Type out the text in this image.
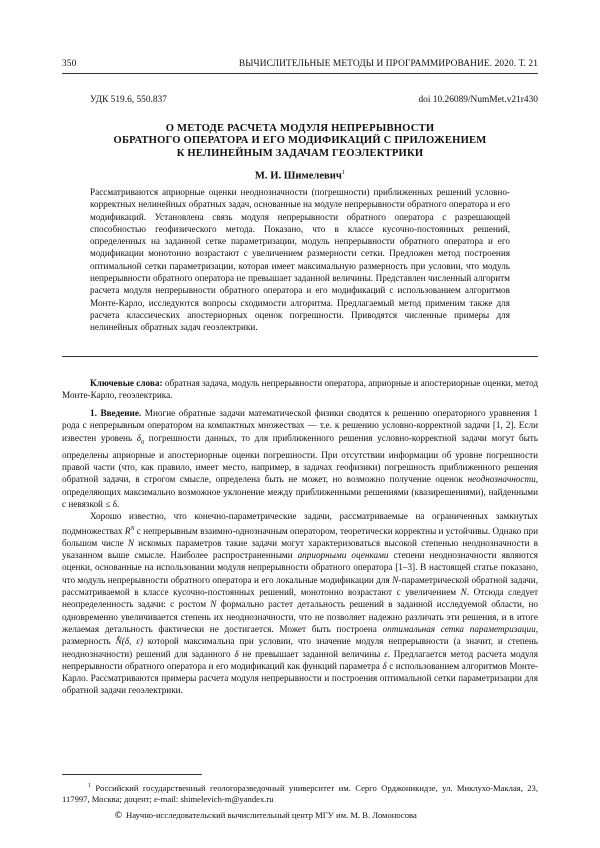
350	ВЫЧИСЛИТЕЛЬНЫЕ МЕТОДЫ И ПРОГРАММИРОВАНИЕ. 2020. Т. 21
УДК 519.6, 550.837	doi 10.26089/NumMet.v21r430
О МЕТОДЕ РАСЧЕТА МОДУЛЯ НЕПРЕРЫВНОСТИ
ОБРАТНОГО ОПЕРАТОРА И ЕГО МОДИФИКАЦИЙ С ПРИЛОЖЕНИЕМ
К НЕЛИНЕЙНЫМ ЗАДАЧАМ ГЕОЭЛЕКТРИКИ
М. И. Шимелевич$^1$
Рассматриваются априорные оценки неоднозначности (погрешности) приближенных решений условно-корректных нелинейных обратных задач, основанные на модуле непрерывности обратного оператора и его модификаций. Установлена связь модуля непрерывности обратного оператора с разрешающей способностью геофизического метода. Показано, что в классе кусочно-постоянных решений, определенных на заданной сетке параметризации, модуль непрерывности обратного оператора и его модификации монотонно возрастают с увеличением размерности сетки. Предложен метод построения оптимальной сетки параметризации, которая имеет максимальную размерность при условии, что модуль непрерывности обратного оператора не превышает заданной величины. Представлен численный алгоритм расчета модуля непрерывности обратного оператора и его модификаций с использованием алгоритмов Монте-Карло, исследуются вопросы сходимости алгоритма. Предлагаемый метод применим также для расчета классических апостериорных оценок погрешности. Приводятся численные примеры для нелинейных обратных задач геоэлектрики.
Ключевые слова: обратная задача, модуль непрерывности оператора, априорные и апостериорные оценки, метод Монте-Карло, геоэлектрика.

1. Введение. Многие обратные задачи математической физики сводятся к решению операторного уравнения 1 рода с непрерывным оператором на компактных множествах — т.е. к решению условно-корректной задачи [1, 2]. Если известен уровень $\delta_0$ погрешности данных, то для приближенного решения условно-корректной задачи могут быть определены априорные и апостериорные оценки погрешности. При отсутствии информации об уровне погрешности правой части (что, как правило, имеет место, например, в задачах геофизики) погрешность приближенного решения обратной задачи, в строгом смысле, определена быть не может, но возможно получение оценок неоднозначности, определяющих максимально возможное уклонение между приближенными решениями (квазирешениями), найденными с невязкой ≤ δ.

Хорошо известно, что конечно-параметрические задачи, рассматриваемые на ограниченных замкнутых подмножествах $R^N$ с непрерывным взаимно-однозначным оператором, теоретически корректны и устойчивы. Однако при большом числе N искомых параметров такие задачи могут характеризоваться высокой степенью неоднозначности в указанном выше смысле. Наиболее распространенными априорными оценками степени неоднозначности являются оценки, основанные на использовании модуля непрерывности обратного оператора [1–3]. В настоящей статье показано, что модуль непрерывности обратного оператора и его локальные модификации для N-параметрической обратной задачи, рассматриваемой в классе кусочно-постоянных решений, монотонно возрастают с увеличением N. Отсюда следует неопределенность задачи: с ростом N формально растет детальность решений в заданной исследуемой области, но одновременно увеличивается степень их неоднозначности, что не позволяет надежно различать эти решения, и в итоге желаемая детальность фактически не достигается. Может быть построена оптимальная сетка параметризации, размерность N̂(δ, ε) которой максимальна при условии, что значение модуля непрерывности (а значит, и степень неоднозначности) решений для заданного δ не превышает заданной величины ε. Предлагается метод расчета модуля непрерывности обратного оператора и его модификаций как функций параметра δ с использованием алгоритмов Монте-Карло. Рассматриваются примеры расчета модуля непрерывности и построения оптимальной сетки параметризации для обратной задачи геоэлектрики.

$^1$ Российский государственный геологоразведочный университет им. Серго Орджоникидзе, ул. Миклухо-Маклая, 23, 117997, Москва; доцент; e-mail: shimelevich-m@yandex.ru
© Научно-исследовательский вычислительный центр МГУ им. М. В. Ломоносова
